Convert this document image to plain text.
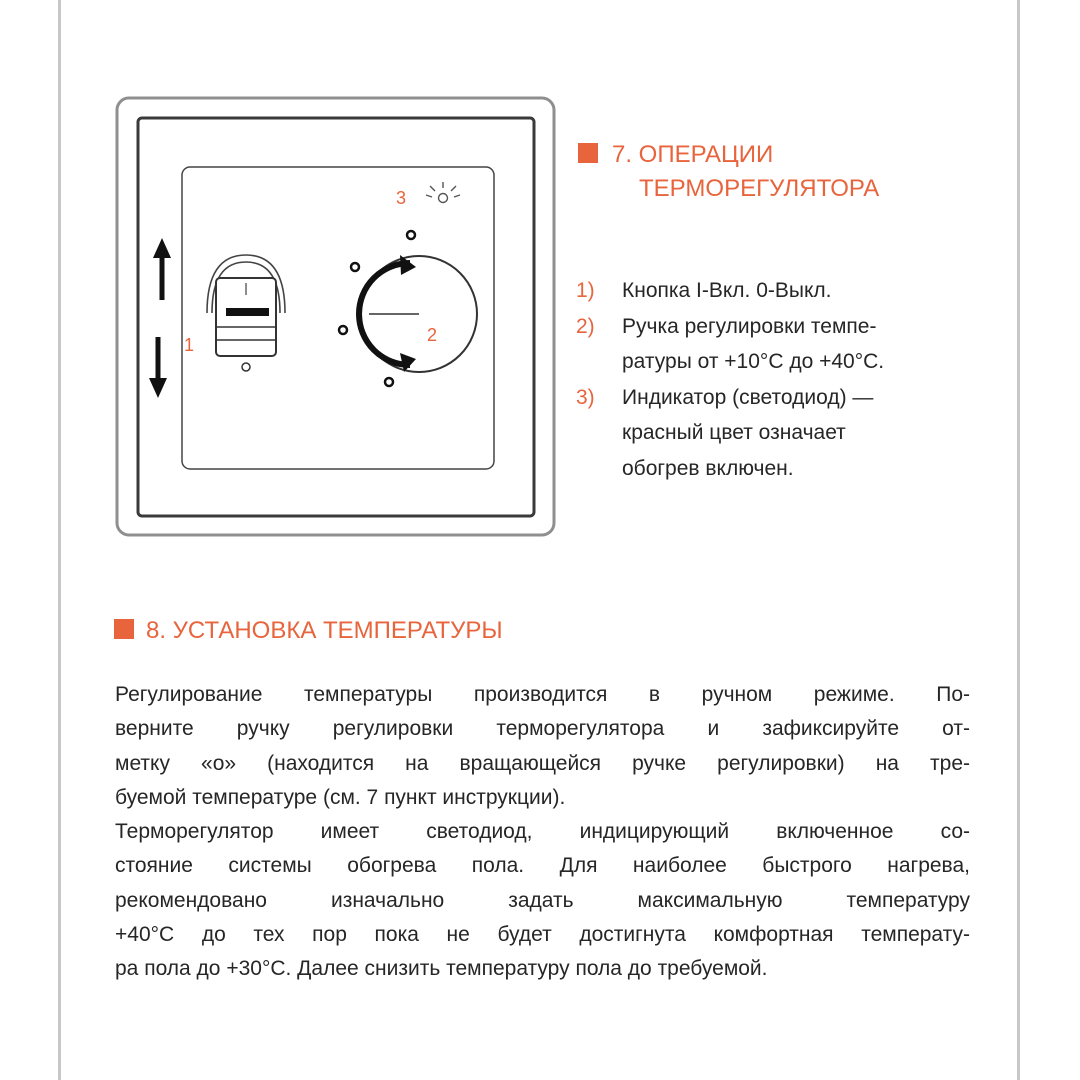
1
3
2
7. ОПЕРАЦИИ
ТЕРМОРЕГУЛЯТОРА
1) Кнопка I-Вкл. 0-Выкл.
2) Ручка регулировки темпе-
ратуры от +10°С до +40°С.
3) Индикатор (светодиод) —
красный цвет означает
обогрев включен.
8. УСТАНОВКА ТЕМПЕРАТУРЫ
Регулирование температуры производится в ручном режиме. По-
верните ручку регулировки терморегулятора и зафиксируйте от-
метку «о» (находится на вращающейся ручке регулировки) на тре-
буемой температуре (см. 7 пункт инструкции).
Терморегулятор имеет светодиод, индицирующий включенное со-
стояние системы обогрева пола. Для наиболее быстрого нагрева,
рекомендовано изначально задать максимальную температуру
+40°С до тех пор пока не будет достигнута комфортная температу-
ра пола до +30°С. Далее снизить температуру пола до требуемой.
